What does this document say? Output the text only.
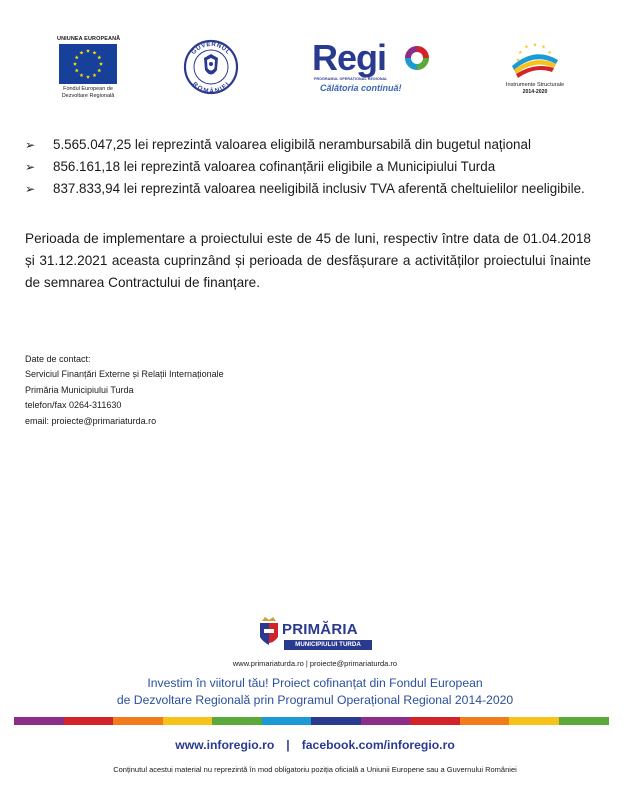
UNIUNEA EUROPEANĂ
Fondul European de
Dezvoltare Regională
GUVERNUL
ROMÂNIEI
Regi
PROGRAMUL OPERAȚIONAL REGIONAL
Călătoria continuă!	Instrumente Structurale
2014-2020
➢ 5.565.047,25 lei reprezintă valoarea eligibilă nerambursabilă din bugetul național
➢ 856.161,18 lei reprezintă valoarea cofinanțării eligibile a Municipiului Turda
➢ 837.833,94 lei reprezintă valoarea neeligibilă inclusiv TVA aferentă cheltuielilor neeligibile.

Perioada de implementare a proiectului este de 45 de luni, respectiv între data de 01.04.2018 și 31.12.2021 aceasta cuprinzând și perioada de desfășurare a activităților proiectului înainte de semnarea Contractului de finanțare.

Date de contact:
Serviciul Finanțări Externe și Relații Internaționale
Primăria Municipiului Turda
telefon/fax 0264-311630
email: proiecte@primariaturda.ro
PRIMĂRIA
MUNICIPIULUI TURDA
www.primariaturda.ro | proiecte@primariaturda.ro
Investim în viitorul tău! Proiect cofinanțat din Fondul European
de Dezvoltare Regională prin Programul Operațional Regional 2014-2020
www.inforegio.ro | facebook.com/inforegio.ro
Conținutul acestui material nu reprezintă în mod obligatoriu poziția oficială a Uniunii Europene sau a Guvernului României
